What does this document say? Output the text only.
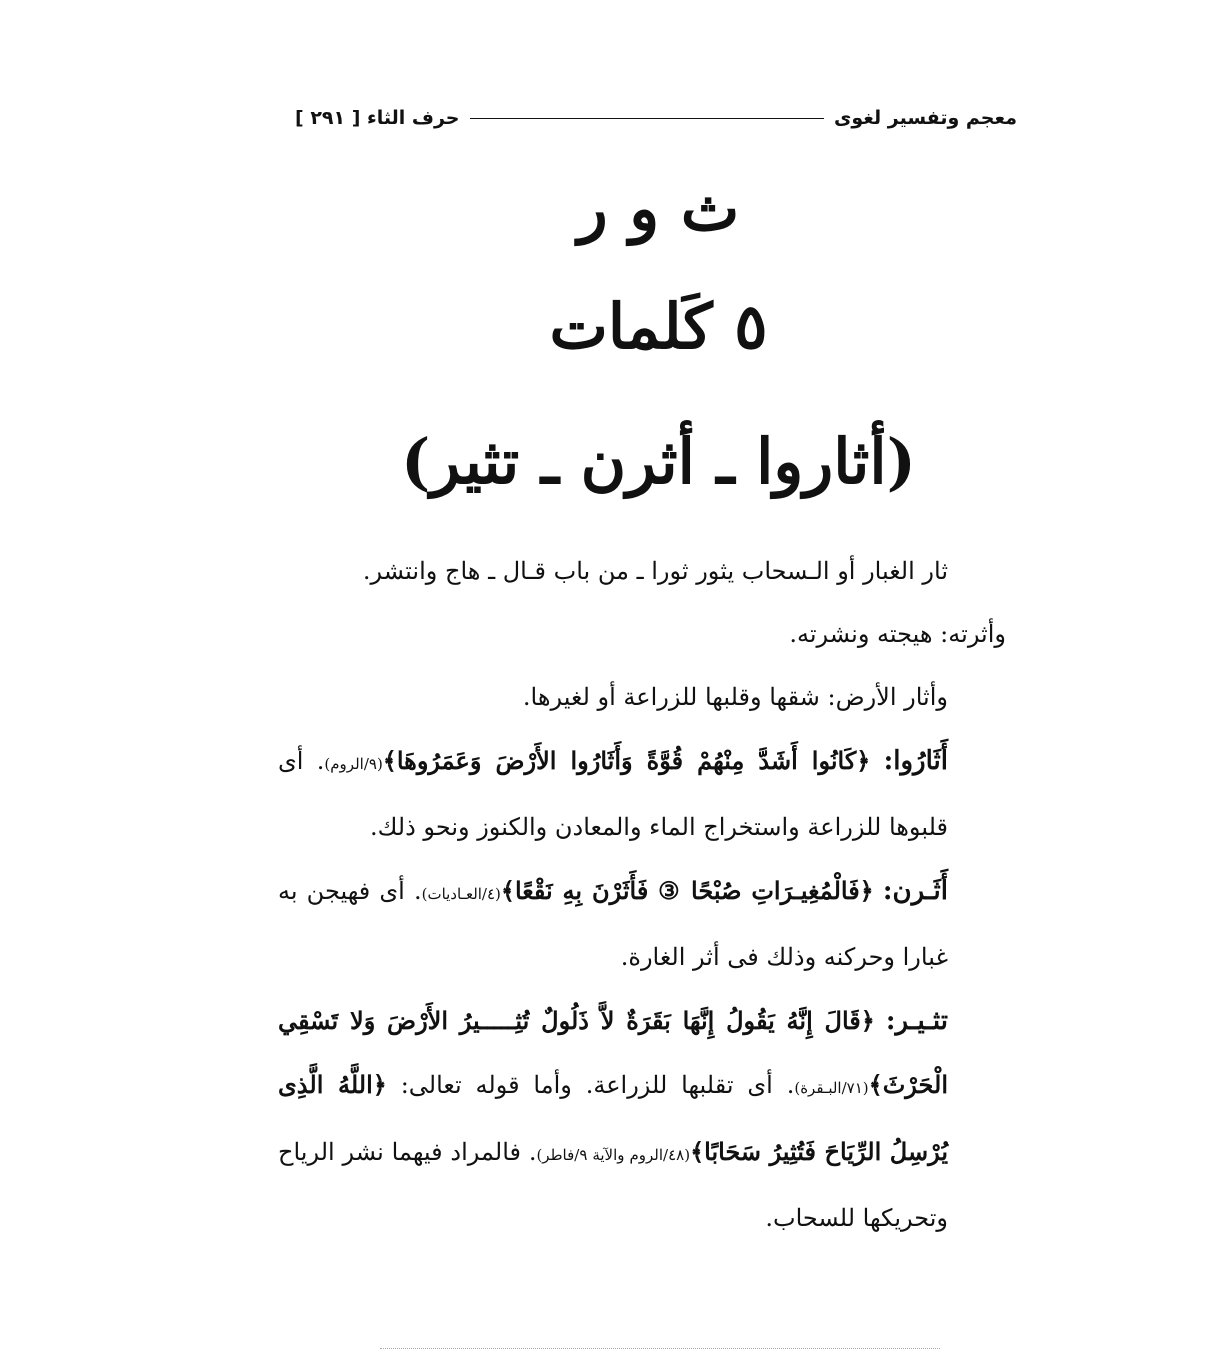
معجم وتفسير لغوى
حرف الثاء

[ ٢٩١ ]
ث و ر
٥ كَلمات
(أثاروا ـ أثرن ـ تثير)

ثار الغبار أو الـسحاب يثور ثورا ـ من باب قـال ـ هاج وانتشر.

وأثرته: هيجته ونشرته.

وأثار الأرض: شقها وقلبها للزراعة أو لغيرها.

أَثَارُوا: ﴿كَانُوا أَشَدَّ مِنْهُمْ قُوَّةً وَأَثَارُوا الأَرْضَ وَعَمَرُوهَا﴾(٩/الروم). أى قلبوها للزراعة واستخراج الماء والمعادن والكنوز ونحو ذلك.

أَثَـرن: ﴿فَالْمُغِيـرَاتِ صُبْحًا ③ فَأَثَرْنَ بِهِ نَقْعًا﴾(٤/العـاديات). أى فهيجن به غبارا وحركنه وذلك فى أثر الغارة.

تثـيـر: ﴿قَالَ إِنَّهُ يَقُولُ إِنَّهَا بَقَرَةٌ لاَّ ذَلُولٌ تُثِـــــيرُ الأَرْضَ وَلا تَسْقِي الْحَرْثَ﴾(٧١/البـقرة). أى تقلبها للزراعة. وأما قوله تعالى: ﴿اللَّهُ الَّذِى يُرْسِلُ الرِّيَاحَ فَتُثِيرُ سَحَابًا﴾(٤٨/الروم والآية ٩/فاطر). فالمراد فيهما نشر الرياح وتحريكها للسحاب.
